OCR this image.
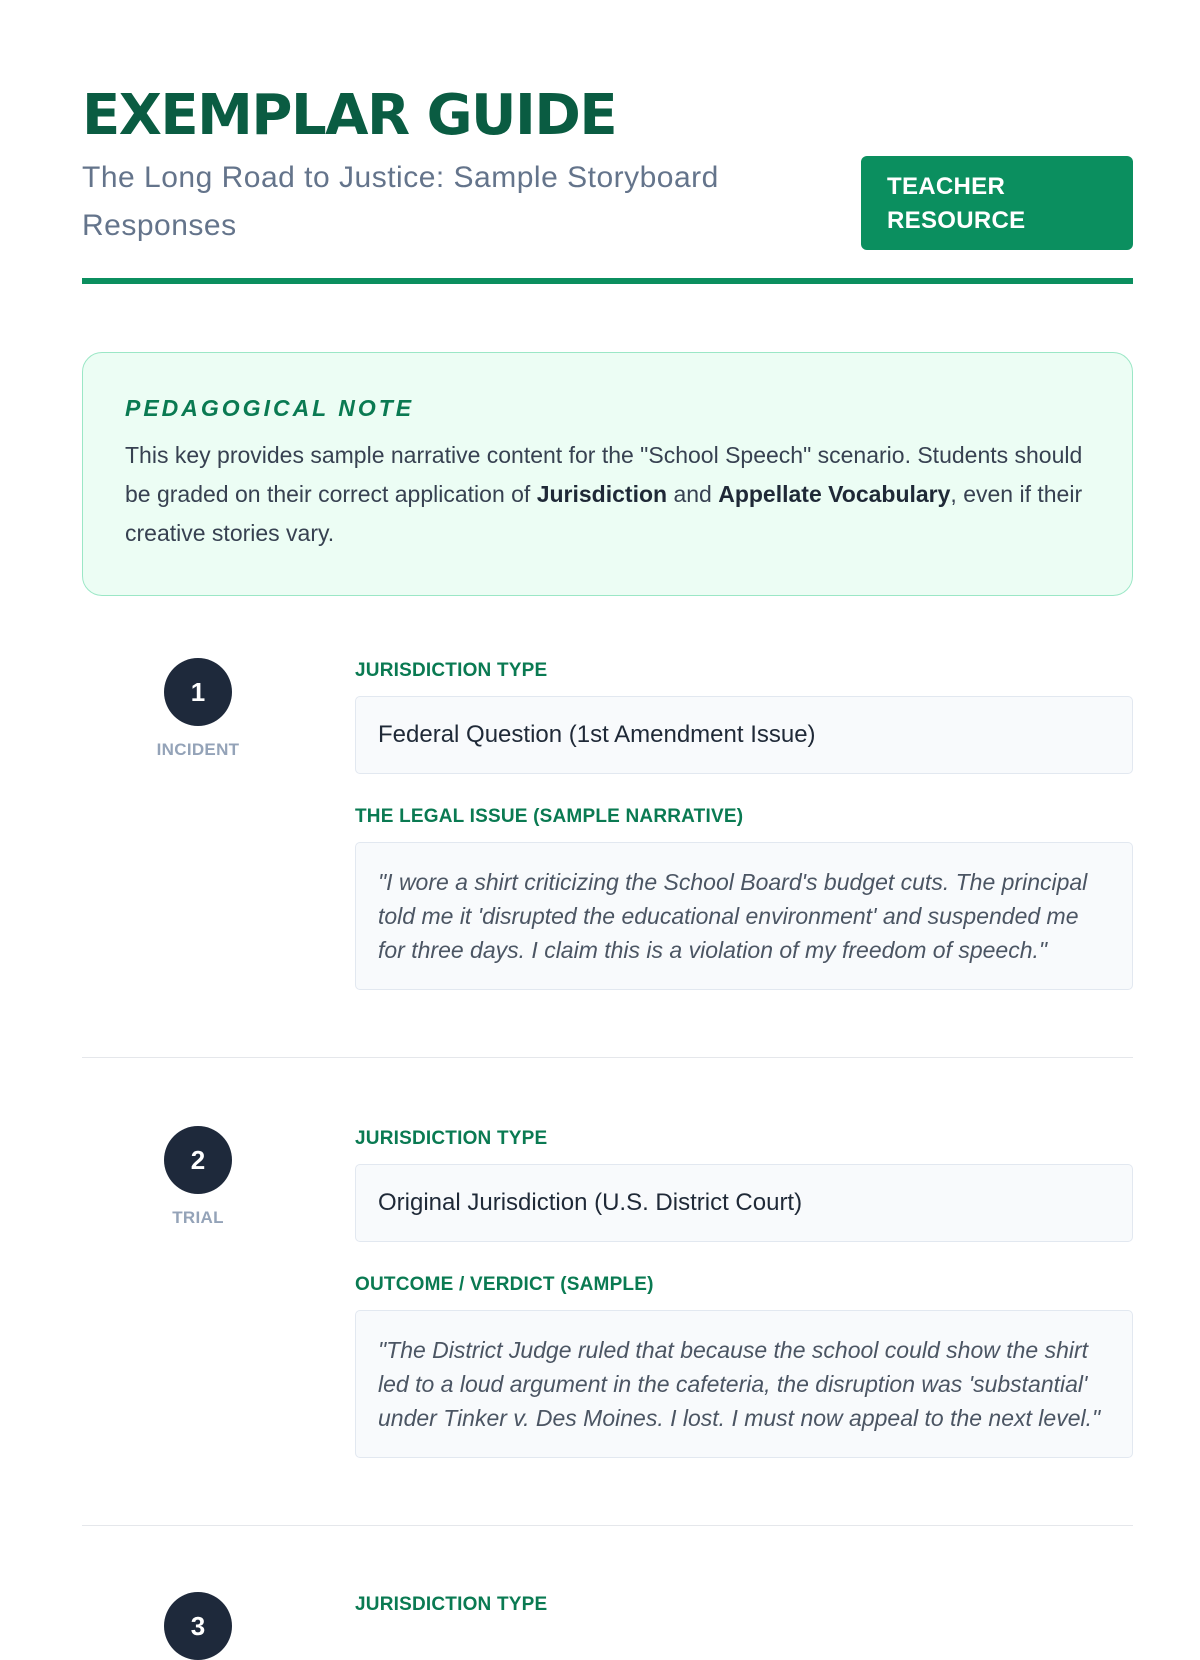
EXEMPLAR GUIDE

The Long Road to Justice: Sample Storyboard Responses

TEACHER RESOURCE

PEDAGOGICAL NOTE

This key provides sample narrative content for the "School Speech" scenario. Students should be graded on their correct application of Jurisdiction and Appellate Vocabulary, even if their creative stories vary.

1
INCIDENT
JURISDICTION TYPE
Federal Question (1st Amendment Issue)
THE LEGAL ISSUE (SAMPLE NARRATIVE)
"I wore a shirt criticizing the School Board's budget cuts. The principal told me it 'disrupted the educational environment' and suspended me for three days. I claim this is a violation of my freedom of speech."
2
TRIAL
JURISDICTION TYPE
Original Jurisdiction (U.S. District Court)
OUTCOME / VERDICT (SAMPLE)
"The District Judge ruled that because the school could show the shirt led to a loud argument in the cafeteria, the disruption was 'substantial' under Tinker v. Des Moines. I lost. I must now appeal to the next level."
3
JURISDICTION TYPE
